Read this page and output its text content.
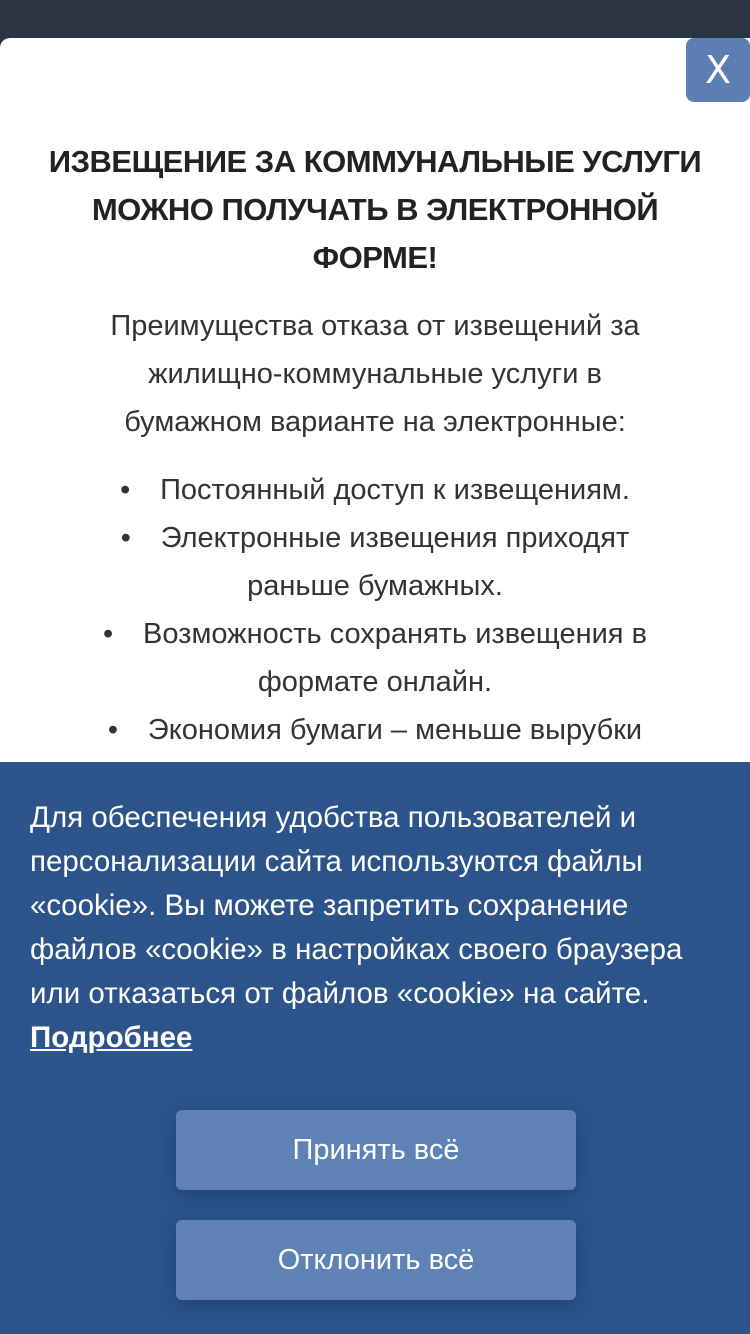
ИЗВЕЩЕНИЕ ЗА КОММУНАЛЬНЫЕ УСЛУГИ
МОЖНО ПОЛУЧАТЬ В ЭЛЕКТРОННОЙ
ФОРМЕ!
Преимущества отказа от извещений за
жилищно-коммунальные услуги в
бумажном варианте на электронные:
• Постоянный доступ к извещениям.
• Электронные извещения приходят
раньше бумажных.
• Возможность сохранять извещения в
формате онлайн.
• Экономия бумаги – меньше вырубки
X
Для обеспечения удобства пользователей и персонализации сайта используются файлы «cookie». Вы можете запретить сохранение файлов «cookie» в настройках своего браузера или отказаться от файлов «cookie» на сайте. Подробнее
Принять всё
Отклонить всё
